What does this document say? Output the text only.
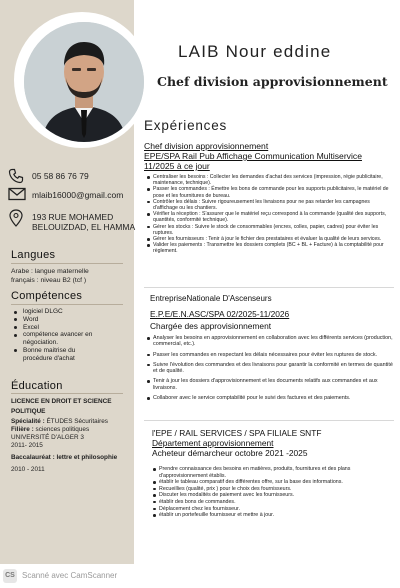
LAIB Nour eddine
Chef division approvisionnement
05 58 86 76 79
mlaib16000@gmail.com
193 RUE MOHAMED
BELOUIZDAD, EL HAMMA
Langues
Arabe : langue maternelle
français : niveau B2 (tcf )
Compétences
logiciel DLGC
Word
Excel
compétence avancer en négociation.
Bonne maitrise du procédure d'achat
Éducation
LICENCE EN DROIT ET SCIENCE
POLITIQUE
Spécialité : ÉTUDES Sécuritaires
Filière : sciences politiques
UNIVERSITÉ D'ALGER 3
2011- 2015
Baccalauréat : lettre et philosophie
2010 - 2011
Expériences
Chef division approvisionnement
EPE/SPA Rail Pub Affichage Communication Multiservice
11/2025 à ce jour
Centraliser les besoins : Collecter les demandes d'achat des services (impression, régie publicitaire, maintenance, technique).
Passer les commandes : Émettre les bons de commande pour les supports publicitaires, le matériel de pose et les fournitures de bureau.
Contrôler les délais : Suivre rigoureusement les livraisons pour ne pas retarder les campagnes d'affichage ou les chantiers.
Vérifier la réception : S'assurer que le matériel reçu correspond à la commande (qualité des supports, quantités, conformité technique).
Gérer les stocks : Suivre le stock de consommables (encres, colles, papier, cadres) pour éviter les ruptures.
Gérer les fournisseurs : Tenir à jour le fichier des prestataires et évaluer la qualité de leurs services.
Valider les paiements : Transmettre les dossiers complets (BC + BL + Facture) à la comptabilité pour règlement.
EntrepriseNationale D'Ascenseurs
E.P.E/E.N.ASC/SPA 02/2025-11/2026
Chargée des approvisionnement
Analyser les besoins en approvisionnement en collaboration avec les différents services (production, commercial, etc.).
Passer les commandes en respectant les délais nécessaires pour éviter les ruptures de stock.
Suivre l'évolution des commandes et des livraisons pour garantir la conformité en termes de quantité et de qualité.
Tenir à jour les dossiers d'approvisionnement et les documents relatifs aux commandes et aux livraisons.
Collaborer avec le service comptabilité pour le suivi des factures et des paiements.
l'EPE / RAIL SERVICES / SPA FILIALE SNTF
Département approvisionnement
Acheteur démarcheur octobre 2021 -2025
Prendre connaissance des besoins en matières, produits, fournitures et des plans d'approvisionnement établis.
établir le tableau comparatif des différentes offre, sur la base des informations.
Recueillies (qualité, prix ) pour le choix des fournisseurs.
Discuter les modalités de paiement avec les fournisseurs.
établir des bons de commandes.
Déplacement chez les fournisseur.
établir un portefeuille fournisseur et mettre à jour.
CS Scanné avec CamScanner
